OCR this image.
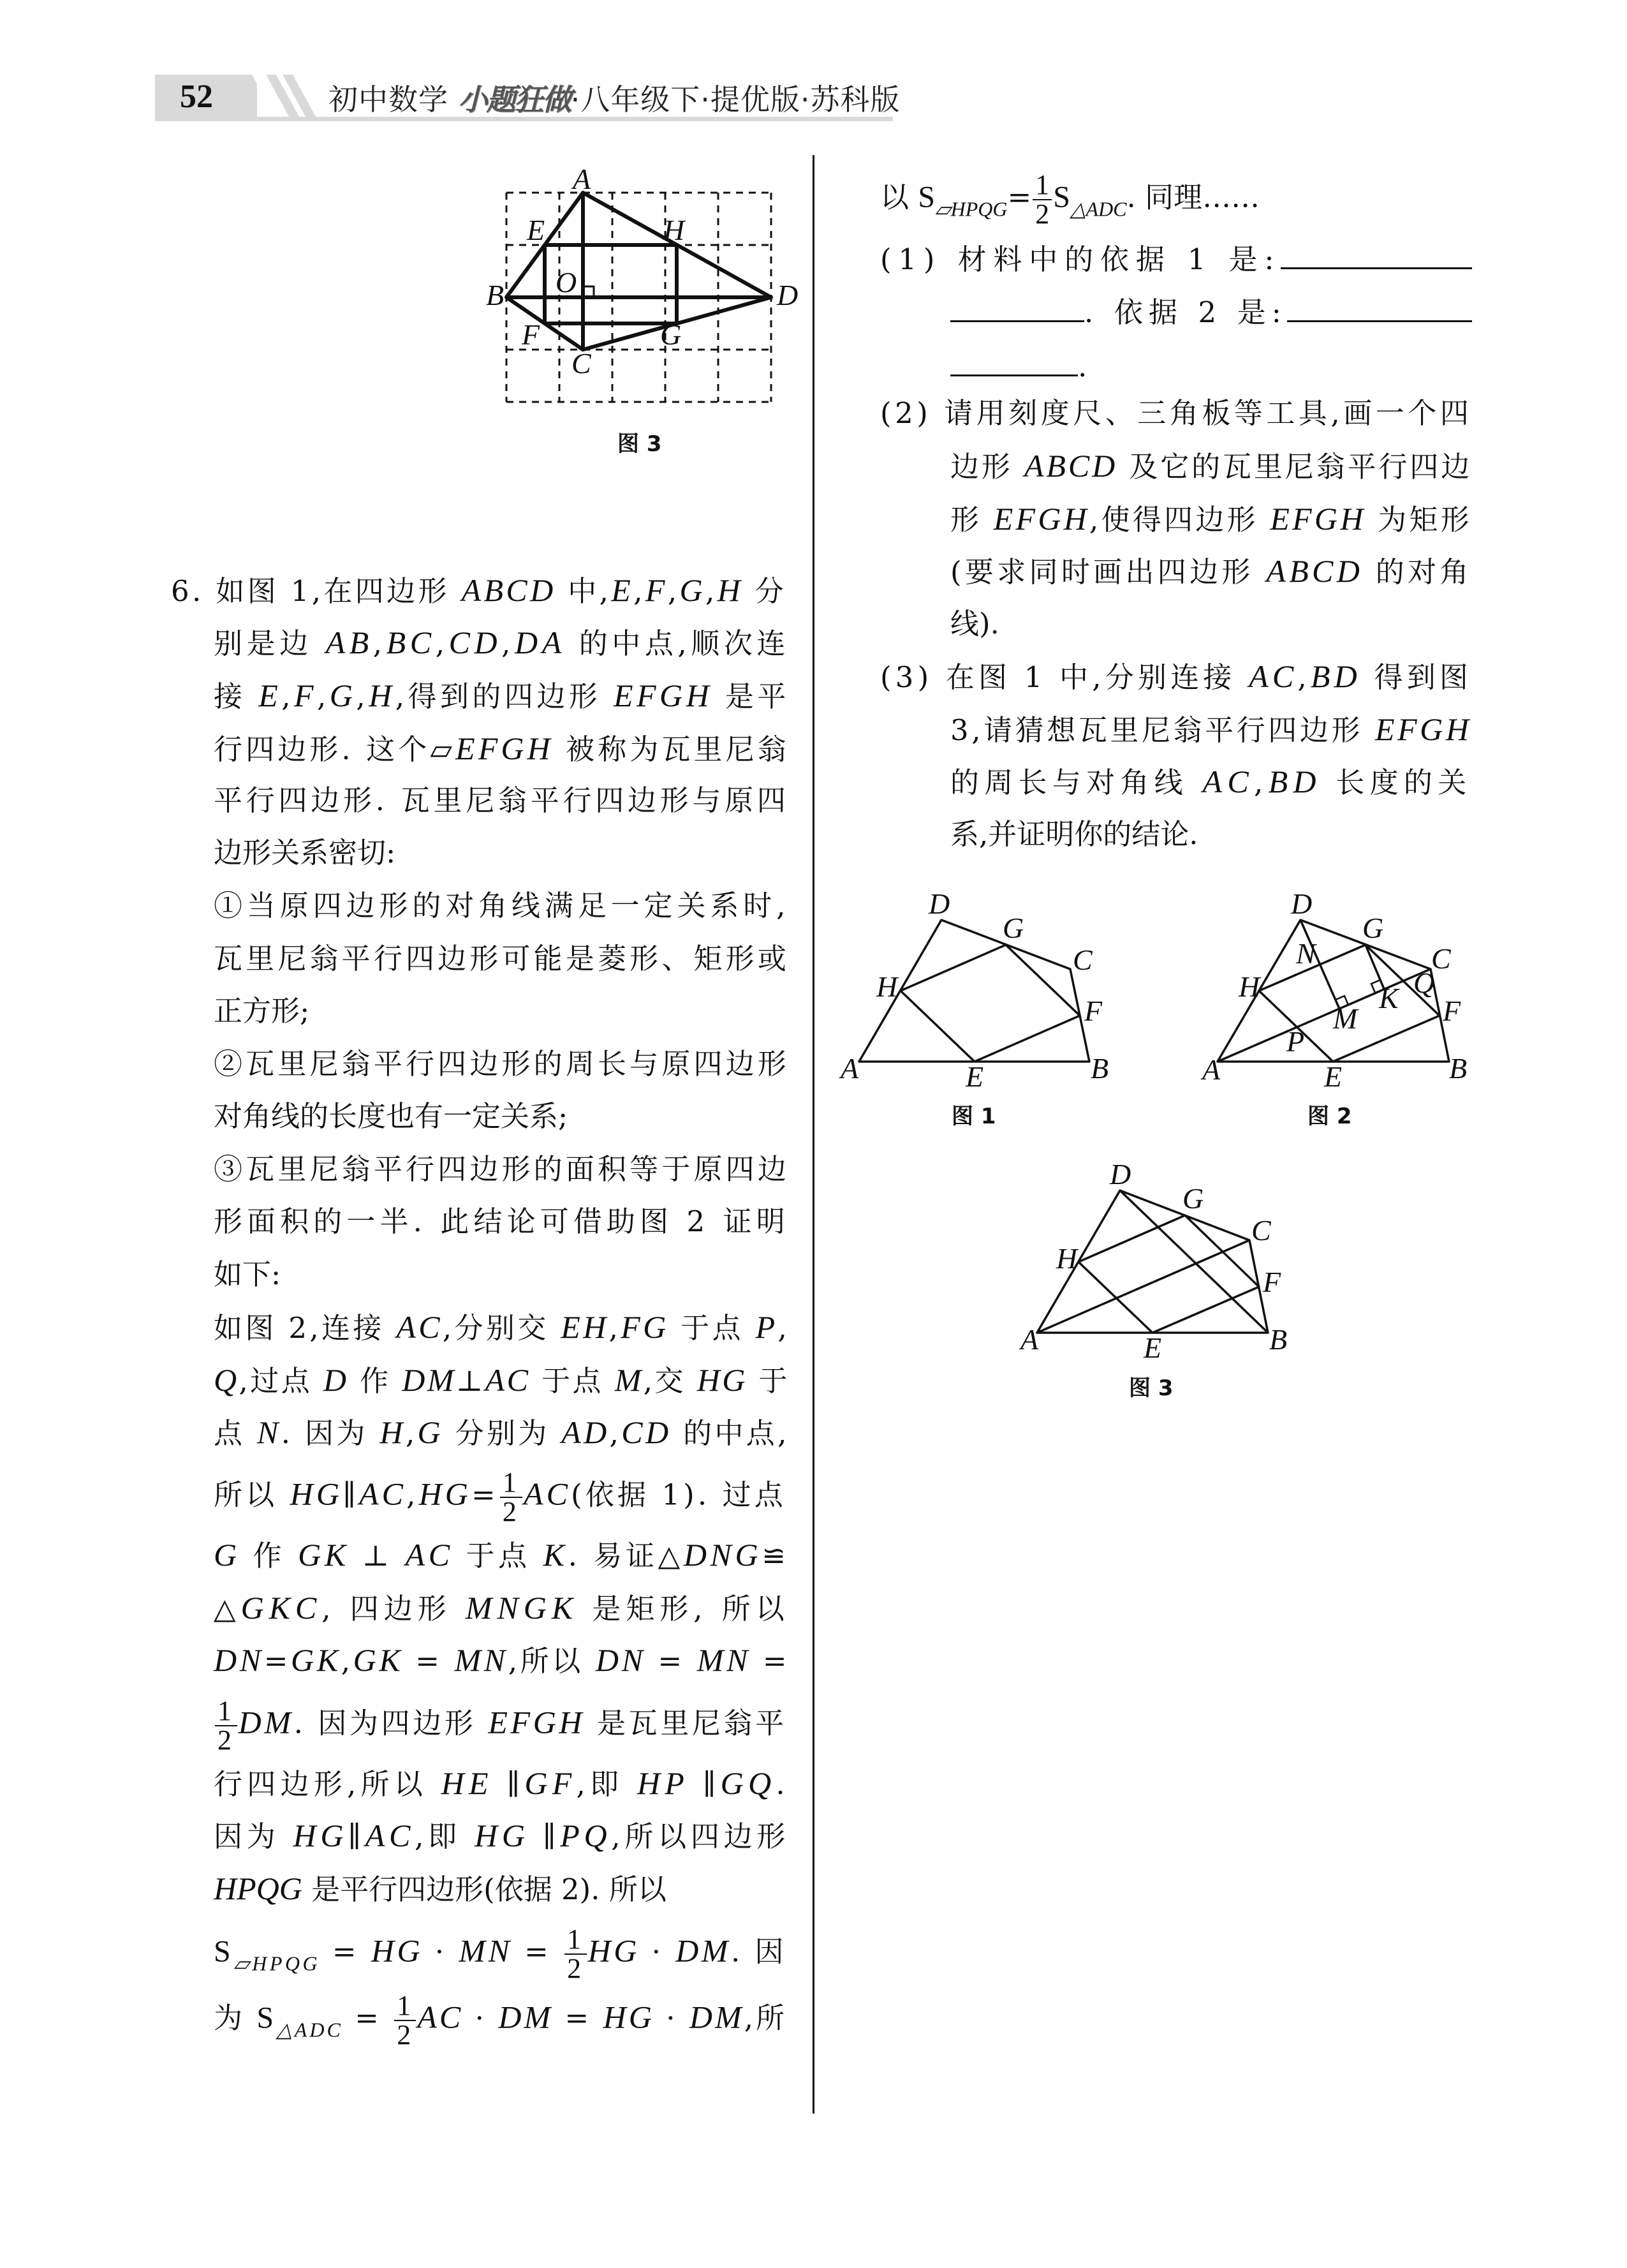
52	初中数学 小题狂做·八年级下·提优版·苏科版
A
B
C
D
E
F	G
H
O
图 3
A	B
C
D
E
F
G
H
图 1
A	B
C
D
E
F
G
H
N
M
K
P
Q
图 2
A	B
C
D
E
F
G
H
图 3
6. 如图 1,在四边形 ABCD 中,E,F,G,H 分
别是边 AB,BC,CD,DA 的中点,顺次连
接 E,F,G,H,得到的四边形 EFGH 是平
行四边形. 这个▱EFGH 被称为瓦里尼翁
平行四边形. 瓦里尼翁平行四边形与原四
边形关系密切:
①当原四边形的对角线满足一定关系时,
瓦里尼翁平行四边形可能是菱形、矩形或
正方形;
②瓦里尼翁平行四边形的周长与原四边形
对角线的长度也有一定关系;
③瓦里尼翁平行四边形的面积等于原四边
形面积的一半. 此结论可借助图 2 证明
如下:
如图 2,连接 AC,分别交 EH,FG 于点 P,
Q,过点 D 作 DM⊥AC 于点 M,交 HG 于
点 N. 因为 H,G 分别为 AD,CD 的中点,
所以 HG∥AC,HG= $\frac{1}{2} AC$(依据 1). 过点
G 作 GK ⊥ AC 于点 K. 易证△DNG≌
△GKC, 四边形 MNGK 是矩形, 所以
DN=GK,GK = MN,所以 DN = MN =
$\frac{1}{2}$ DM. 因为四边形 EFGH 是瓦里尼翁平
行四边形,所以 HE ∥GF,即 HP ∥GQ.
因为 HG∥AC,即 HG ∥PQ,所以四边形
HPQG 是平行四边形(依据 2). 所以
$S_{▱HPQG}$ = HG · MN = $\frac{1}{2}$ HG · DM. 因
为 $S_{\triangle ADC} = \frac{1}{2}$ AC · DM = HG · DM,所
以 $S_{▱HPQG}= \frac{1}{2} S_{\triangle ADC}$. 同理……
(1) 材料中的依据 1 是:
. 依据 2 是:
.
(2) 请用刻度尺、三角板等工具,画一个四
边形 ABCD 及它的瓦里尼翁平行四边
形 EFGH,使得四边形 EFGH 为矩形
(要求同时画出四边形 ABCD 的对角
线).
(3) 在图 1 中,分别连接 AC,BD 得到图
3,请猜想瓦里尼翁平行四边形 EFGH
的周长与对角线 AC,BD 长度的关
系,并证明你的结论.
